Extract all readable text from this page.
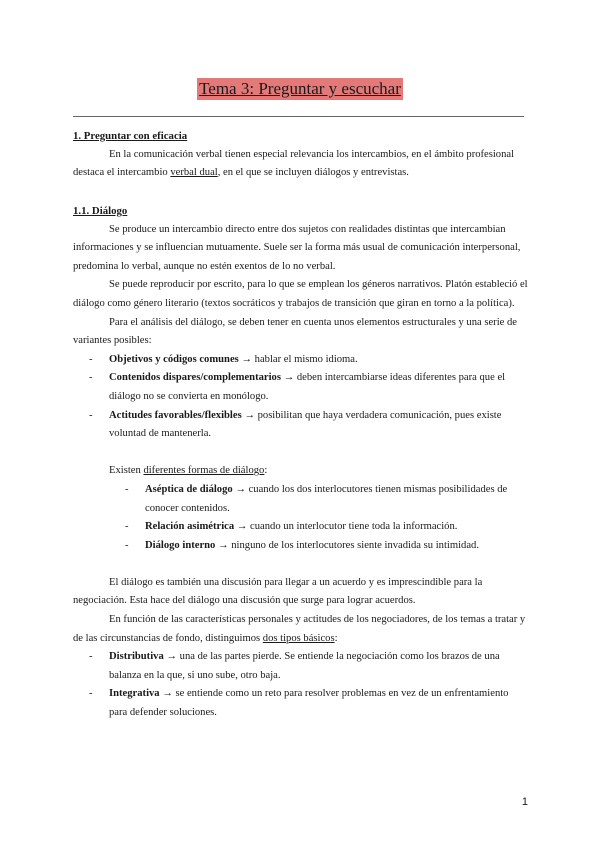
Tema 3: Preguntar y escuchar
1. Preguntar con eficacia

En la comunicación verbal tienen especial relevancia los intercambios, en el ámbito profesional destaca el intercambio verbal dual, en el que se incluyen diálogos y entrevistas.

1.1. Diálogo

Se produce un intercambio directo entre dos sujetos con realidades distintas que intercambian informaciones y se influencian mutuamente. Suele ser la forma más usual de comunicación interpersonal, predomina lo verbal, aunque no estén exentos de lo no verbal.

Se puede reproducir por escrito, para lo que se emplean los géneros narrativos. Platón estableció el diálogo como género literario (textos socráticos y trabajos de transición que giran en torno a la política).

Para el análisis del diálogo, se deben tener en cuenta unos elementos estructurales y una serie de variantes posibles:

- Objetivos y códigos comunes → hablar el mismo idioma.
- Contenidos dispares/complementarios → deben intercambiarse ideas diferentes para que el diálogo no se convierta en monólogo.
- Actitudes favorables/flexibles → posibilitan que haya verdadera comunicación, pues existe voluntad de mantenerla.

Existen diferentes formas de diálogo:

- Aséptica de diálogo → cuando los dos interlocutores tienen mismas posibilidades de conocer contenidos.
- Relación asimétrica → cuando un interlocutor tiene toda la información.
- Diálogo interno → ninguno de los interlocutores siente invadida su intimidad.

El diálogo es también una discusión para llegar a un acuerdo y es imprescindible para la negociación. Esta hace del diálogo una discusión que surge para lograr acuerdos.

En función de las características personales y actitudes de los negociadores, de los temas a tratar y de las circunstancias de fondo, distinguimos dos tipos básicos:

- Distributiva → una de las partes pierde. Se entiende la negociación como los brazos de una balanza en la que, si uno sube, otro baja.
- Integrativa → se entiende como un reto para resolver problemas en vez de un enfrentamiento para defender soluciones.
1
